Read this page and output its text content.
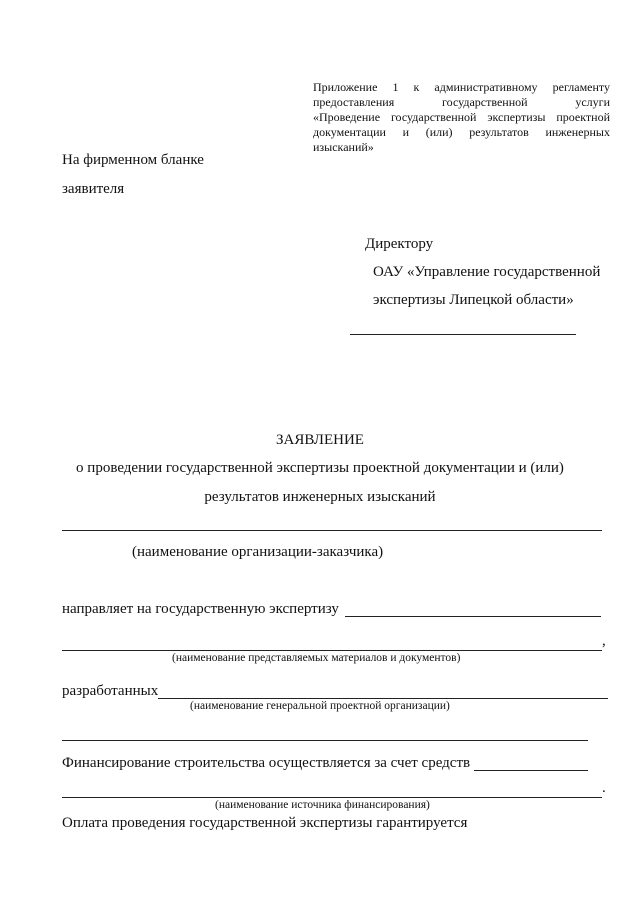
Приложение 1 к административному регламенту
предоставления государственной услуги
«Проведение государственной экспертизы проектной
документации и (или) результатов инженерных
изысканий»
На фирменном бланке
заявителя
Директору
ОАУ «Управление государственной
экспертизы Липецкой области»
ЗАЯВЛЕНИЕ
о проведении государственной экспертизы проектной документации и (или)
результатов инженерных изысканий
(наименование организации-заказчика)
направляет на государственную экспертизу
,
(наименование представляемых материалов и документов)
разработанных
(наименование генеральной проектной организации)
Финансирование строительства осуществляется за счет средств
.
(наименование источника финансирования)
Оплата проведения государственной экспертизы гарантируется
